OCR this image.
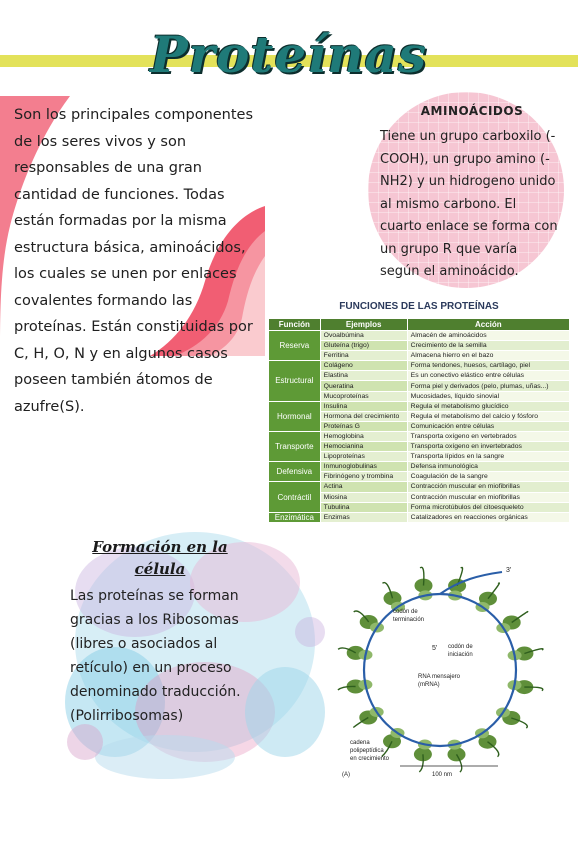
Proteínas
Son los principales componentes de los seres vivos y son responsables de una gran cantidad de funciones. Todas están formadas por la misma estructura básica, aminoácidos, los cuales se unen por enlaces covalentes formando las proteínas. Están constituidas por C, H, O, N y en algunos casos poseen también átomos de azufre(S).
AMINOÁCIDOS
Tiene un grupo carboxilo (-COOH), un grupo amino (-NH2) y un hidrogeno unido al mismo carbono. El cuarto enlace se forma con un grupo R que varía según el aminoácido.
FUNCIONES DE LAS PROTEÍNAS
Función	Ejemplos	Acción
Reserva	Ovoalbúmina	Almacén de aminoácidos
	Gluteína (trigo)	Crecimiento de la semilla
	Ferritina	Almacena hierro en el bazo
Estructural	Colágeno	Forma tendones, huesos, cartílago, piel
	Elastina	Es un conectivo elástico entre células
	Queratina	Forma piel y derivados (pelo, plumas, uñas...)
	Mucoproteínas	Mucosidades, líquido sinovial
Hormonal	Insulina	Regula el metabolismo glucídico
	Hormona del crecimiento	Regula el metabolismo del calcio y fósforo
	Proteínas G	Comunicación entre células
Transporte	Hemoglobina	Transporta oxígeno en vertebrados
	Hemocianina	Transporta oxígeno en invertebrados
	Lipoproteínas	Transporta lípidos en la sangre
Defensiva	Inmunoglobulinas	Defensa inmunológica
	Fibrinógeno y trombina	Coagulación de la sangre
Contráctil	Actina	Contracción muscular en miofibrillas
	Miosina	Contracción muscular en miofibrillas
	Tubulina	Forma microtúbulos del citoesqueleto
Enzimática	Enzimas	Catalizadores en reacciones orgánicas
Formación en la célula
Las proteínas se forman gracias a los Ribosomas (libres o asociados al retículo) en un proceso denominado traducción. (Polirribosomas)
3'
5'
codón de
terminación
codón de
iniciación
RNA mensajero
(mRNA)
cadena
polipeptídica
en crecimiento
(A)	100 nm
